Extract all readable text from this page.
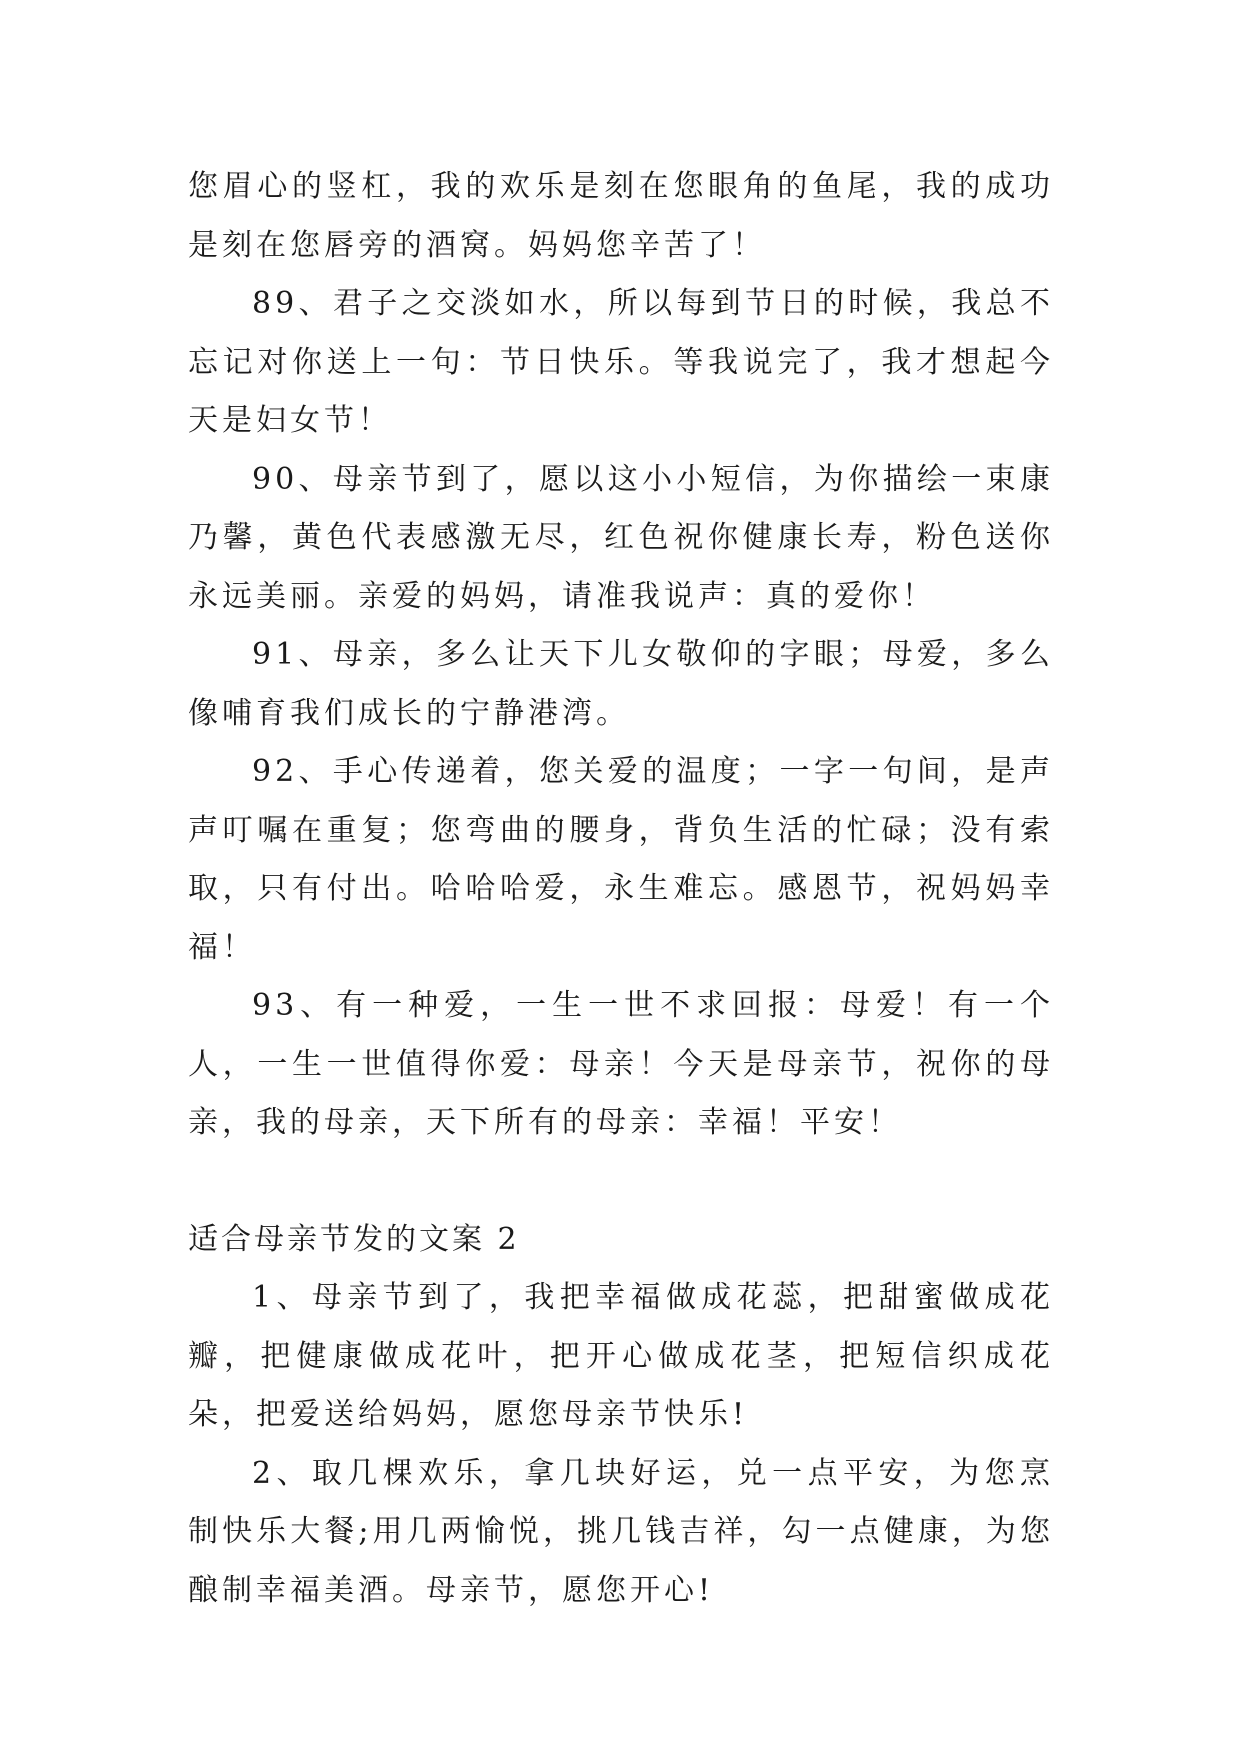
您眉心的竖杠，我的欢乐是刻在您眼角的鱼尾，我的成功是刻在您唇旁的酒窝。妈妈您辛苦了！

89、君子之交淡如水，所以每到节日的时候，我总不忘记对你送上一句：节日快乐。等我说完了，我才想起今天是妇女节！

90、母亲节到了，愿以这小小短信，为你描绘一束康乃馨，黄色代表感激无尽，红色祝你健康长寿，粉色送你永远美丽。亲爱的妈妈，请准我说声：真的爱你！

91、母亲，多么让天下儿女敬仰的字眼；母爱，多么像哺育我们成长的宁静港湾。

92、手心传递着，您关爱的温度；一字一句间，是声声叮嘱在重复；您弯曲的腰身，背负生活的忙碌；没有索取，只有付出。哈哈哈爱，永生难忘。感恩节，祝妈妈幸福！

93、有一种爱，一生一世不求回报：母爱！有一个人，一生一世值得你爱：母亲！今天是母亲节，祝你的母亲，我的母亲，天下所有的母亲：幸福！平安！

适合母亲节发的文案 2

1、母亲节到了，我把幸福做成花蕊，把甜蜜做成花瓣，把健康做成花叶，把开心做成花茎，把短信织成花朵，把爱送给妈妈，愿您母亲节快乐!

2、取几棵欢乐，拿几块好运，兑一点平安，为您烹制快乐大餐;用几两愉悦，挑几钱吉祥，勾一点健康，为您酿制幸福美酒。母亲节，愿您开心!
